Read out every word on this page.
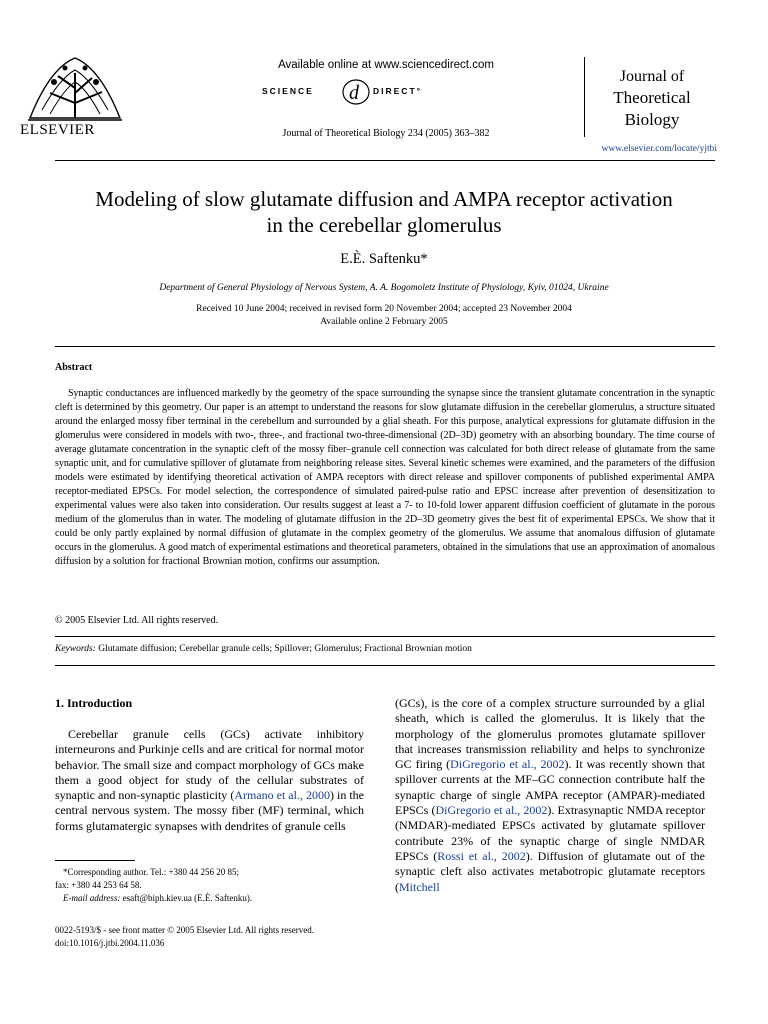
ELSEVIER
Available online at www.sciencedirect.com
SCIENCE d DIRECT°
Journal of Theoretical Biology 234 (2005) 363–382
Journal of
Theoretical
Biology
www.elsevier.com/locate/yjtbi
Modeling of slow glutamate diffusion and AMPA receptor activation
in the cerebellar glomerulus
E.È. Saftenku*
Department of General Physiology of Nervous System, A. A. Bogomoletz Institute of Physiology, Kyiv, 01024, Ukraine
Received 10 June 2004; received in revised form 20 November 2004; accepted 23 November 2004
Available online 2 February 2005
Abstract
Synaptic conductances are influenced markedly by the geometry of the space surrounding the synapse since the transient glutamate concentration in the synaptic cleft is determined by this geometry. Our paper is an attempt to understand the reasons for slow glutamate diffusion in the cerebellar glomerulus, a structure situated around the enlarged mossy fiber terminal in the cerebellum and surrounded by a glial sheath. For this purpose, analytical expressions for glutamate diffusion in the glomerulus were considered in models with two-, three-, and fractional two-three-dimensional (2D–3D) geometry with an absorbing boundary. The time course of average glutamate concentration in the synaptic cleft of the mossy fiber–granule cell connection was calculated for both direct release of glutamate from the same synaptic unit, and for cumulative spillover of glutamate from neighboring release sites. Several kinetic schemes were examined, and the parameters of the diffusion models were estimated by identifying theoretical activation of AMPA receptors with direct release and spillover components of published experimental AMPA receptor-mediated EPSCs. For model selection, the correspondence of simulated paired-pulse ratio and EPSC increase after prevention of desensitization to experimental values were also taken into consideration. Our results suggest at least a 7- to 10-fold lower apparent diffusion coefficient of glutamate in the porous medium of the glomerulus than in water. The modeling of glutamate diffusion in the 2D–3D geometry gives the best fit of experimental EPSCs. We show that it could be only partly explained by normal diffusion of glutamate in the complex geometry of the glomerulus. We assume that anomalous diffusion of glutamate occurs in the glomerulus. A good match of experimental estimations and theoretical parameters, obtained in the simulations that use an approximation of anomalous diffusion by a solution for fractional Brownian motion, confirms our assumption.
© 2005 Elsevier Ltd. All rights reserved.
Keywords: Glutamate diffusion; Cerebellar granule cells; Spillover; Glomerulus; Fractional Brownian motion
1. Introduction
Cerebellar granule cells (GCs) activate inhibitory interneurons and Purkinje cells and are critical for normal motor behavior. The small size and compact morphology of GCs make them a good object for study of the cellular substrates of synaptic and non-synaptic plasticity (Armano et al., 2000) in the central nervous system. The mossy fiber (MF) terminal, which forms glutamatergic synapses with dendrites of granule cells
(GCs), is the core of a complex structure surrounded by a glial sheath, which is called the glomerulus. It is likely that the morphology of the glomerulus promotes glutamate spillover that increases transmission reliability and helps to synchronize GC firing (DiGregorio et al., 2002). It was recently shown that spillover currents at the MF–GC connection contribute half the synaptic charge of single AMPA receptor (AMPAR)-mediated EPSCs (DiGregorio et al., 2002). Extrasynaptic NMDA receptor (NMDAR)-mediated EPSCs activated by glutamate spillover contribute 23% of the synaptic charge of single NMDAR EPSCs (Rossi et al., 2002). Diffusion of glutamate out of the synaptic cleft also activates metabotropic glutamate receptors (Mitchell
*Corresponding author. Tel.: +380 44 256 20 85;
fax: +380 44 253 64 58.
E-mail address: esaft@biph.kiev.ua (E.È. Saftenku).
0022-5193/$ - see front matter © 2005 Elsevier Ltd. All rights reserved.
doi:10.1016/j.jtbi.2004.11.036
